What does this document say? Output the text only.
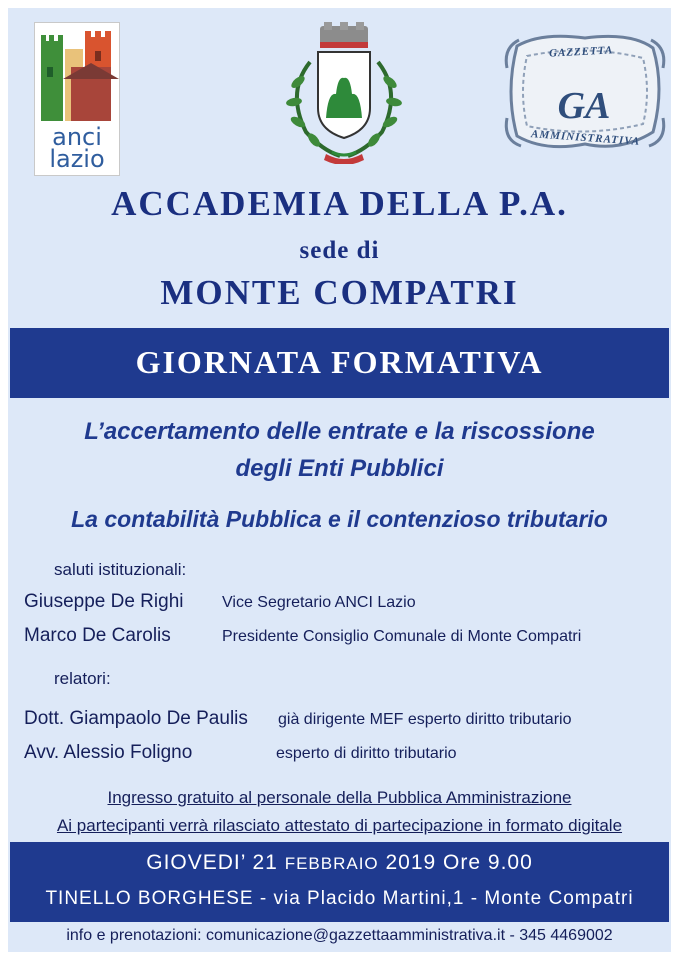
anci
lazio
GAZZETTA
GA
AMMINISTRATIVA
ACCADEMIA DELLA P.A.
sede di
MONTE COMPATRI
GIORNATA FORMATIVA
L’accertamento delle entrate e la riscossione
degli Enti Pubblici
La contabilità Pubblica e il contenzioso tributario
saluti istituzionali:
Giuseppe De Righi Vice Segretario ANCI Lazio
Marco De Carolis	Presidente Consiglio Comunale di Monte Compatri
relatori:
Dott. Giampaolo De Paulis già dirigente MEF esperto diritto tributario
Avv. Alessio Foligno	esperto di diritto tributario
Ingresso gratuito al personale della Pubblica Amministrazione
Ai partecipanti verrà rilasciato attestato di partecipazione in formato digitale
GIOVEDI’ 21 FEBBRAIO 2019 Ore 9.00
TINELLO BORGHESE - via Placido Martini,1 - Monte Compatri
info e prenotazioni: comunicazione@gazzettaamministrativa.it - 345 4469002
